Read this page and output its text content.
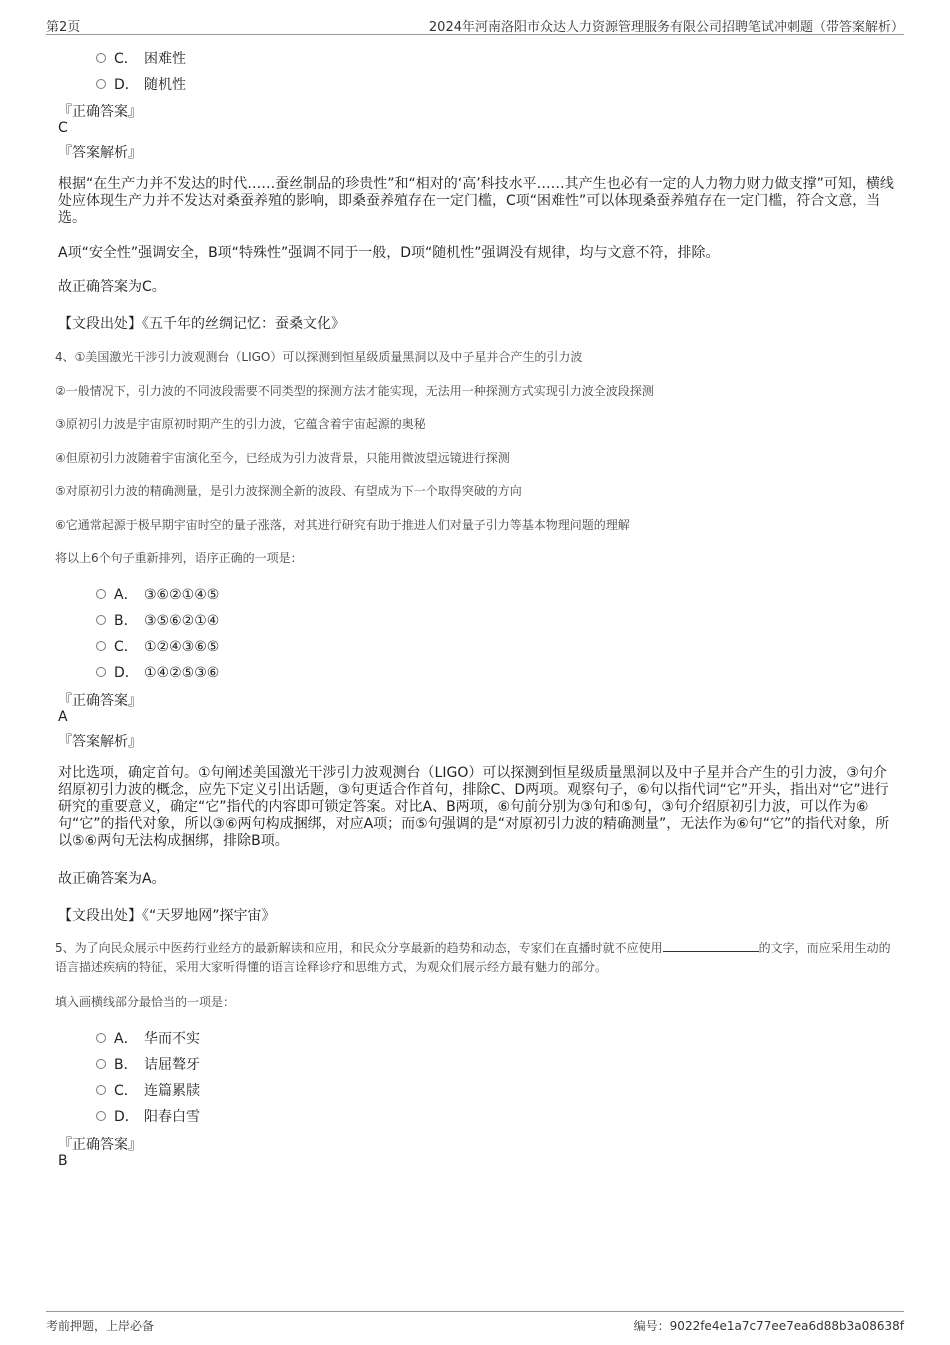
第2页	2024年河南洛阳市众达人力资源管理服务有限公司招聘笔试冲刺题（带答案解析）
C． 困难性
D． 随机性
『正确答案』
C
『答案解析』
根据“在生产力并不发达的时代……蚕丝制品的珍贵性”和“相对的‘高’科技水平……其产生也必有一定的人力物力财力做支撑”可知，横线处应体现生产力并不发达对桑蚕养殖的影响，即桑蚕养殖存在一定门槛，C项“困难性”可以体现桑蚕养殖存在一定门槛，符合文意，当选。
A项“安全性”强调安全，B项“特殊性”强调不同于一般，D项“随机性”强调没有规律，均与文意不符，排除。
故正确答案为C。
【文段出处】《五千年的丝绸记忆：蚕桑文化》
4、①美国激光干涉引力波观测台（LIGO）可以探测到恒星级质量黑洞以及中子星并合产生的引力波
②一般情况下，引力波的不同波段需要不同类型的探测方法才能实现，无法用一种探测方式实现引力波全波段探测
③原初引力波是宇宙原初时期产生的引力波，它蕴含着宇宙起源的奥秘
④但原初引力波随着宇宙演化至今，已经成为引力波背景，只能用微波望远镜进行探测
⑤对原初引力波的精确测量，是引力波探测全新的波段、有望成为下一个取得突破的方向
⑥它通常起源于极早期宇宙时空的量子涨落，对其进行研究有助于推进人们对量子引力等基本物理问题的理解
将以上6个句子重新排列，语序正确的一项是：
A． ③⑥②①④⑤
B． ③⑤⑥②①④
C． ①②④③⑥⑤
D． ①④②⑤③⑥
『正确答案』
A
『答案解析』
对比选项，确定首句。①句阐述美国激光干涉引力波观测台（LIGO）可以探测到恒星级质量黑洞以及中子星并合产生的引力波，③句介绍原初引力波的概念，应先下定义引出话题，③句更适合作首句，排除C、D两项。观察句子，⑥句以指代词“它”开头，指出对“它”进行研究的重要意义，确定“它”指代的内容即可锁定答案。对比A、B两项，⑥句前分别为③句和⑤句，③句介绍原初引力波，可以作为⑥句“它”的指代对象，所以③⑥两句构成捆绑，对应A项；而⑤句强调的是“对原初引力波的精确测量”，无法作为⑥句“它”的指代对象，所以⑤⑥两句无法构成捆绑，排除B项。
故正确答案为A。
【文段出处】《“天罗地网”探宇宙》
5、为了向民众展示中医药行业经方的最新解读和应用，和民众分享最新的趋势和动态，专家们在直播时就不应使用	的文字，而应采用生动的语言描述疾病的特征，采用大家听得懂的语言诠释诊疗和思维方式，为观众们展示经方最有魅力的部分。
填入画横线部分最恰当的一项是：
A． 华而不实
B． 诘屈聱牙
C． 连篇累牍
D． 阳春白雪
『正确答案』
B
考前押题，上岸必备	编号：9022fe4e1a7c77ee7ea6d88b3a08638f
